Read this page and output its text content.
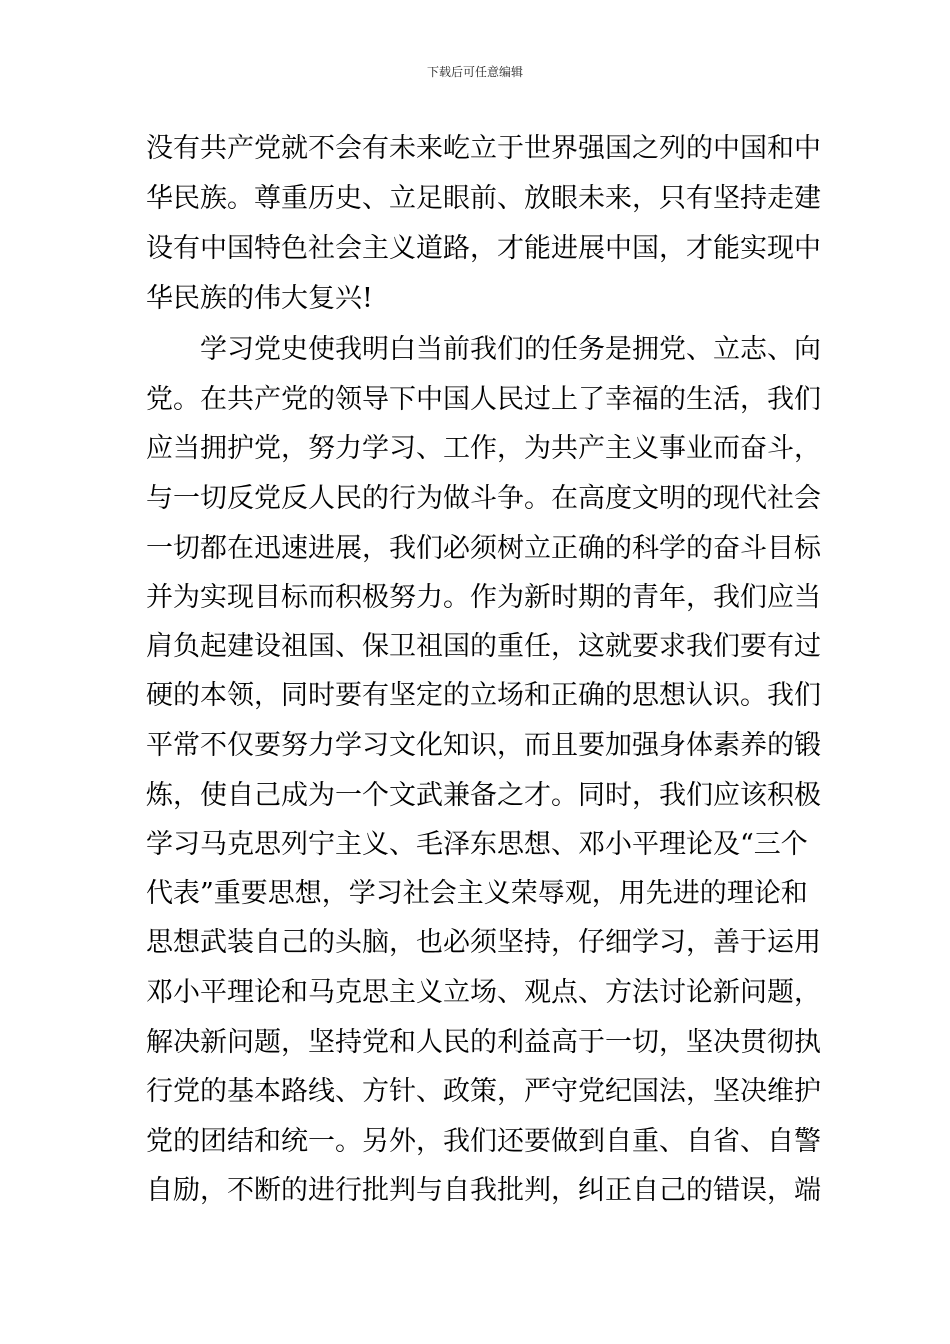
下载后可任意编辑
没有共产党就不会有未来屹立于世界强国之列的中国和中
华民族。尊重历史、立足眼前、放眼未来，只有坚持走建
设有中国特色社会主义道路，才能进展中国，才能实现中
华民族的伟大复兴!
学习党史使我明白当前我们的任务是拥党、立志、向
党。在共产党的领导下中国人民过上了幸福的生活，我们
应当拥护党，努力学习、工作，为共产主义事业而奋斗，
与一切反党反人民的行为做斗争。在高度文明的现代社会
一切都在迅速进展，我们必须树立正确的科学的奋斗目标
并为实现目标而积极努力。作为新时期的青年，我们应当
肩负起建设祖国、保卫祖国的重任，这就要求我们要有过
硬的本领，同时要有坚定的立场和正确的思想认识。我们
平常不仅要努力学习文化知识，而且要加强身体素养的锻
炼，使自己成为一个文武兼备之才。同时，我们应该积极
学习马克思列宁主义、毛泽东思想、邓小平理论及“三个
代表”重要思想，学习社会主义荣辱观，用先进的理论和
思想武装自己的头脑，也必须坚持，仔细学习，善于运用
邓小平理论和马克思主义立场、观点、方法讨论新问题，
解决新问题，坚持党和人民的利益高于一切，坚决贯彻执
行党的基本路线、方针、政策，严守党纪国法，坚决维护
党的团结和统一。另外，我们还要做到自重、自省、自警
自励，不断的进行批判与自我批判，纠正自己的错误，端
